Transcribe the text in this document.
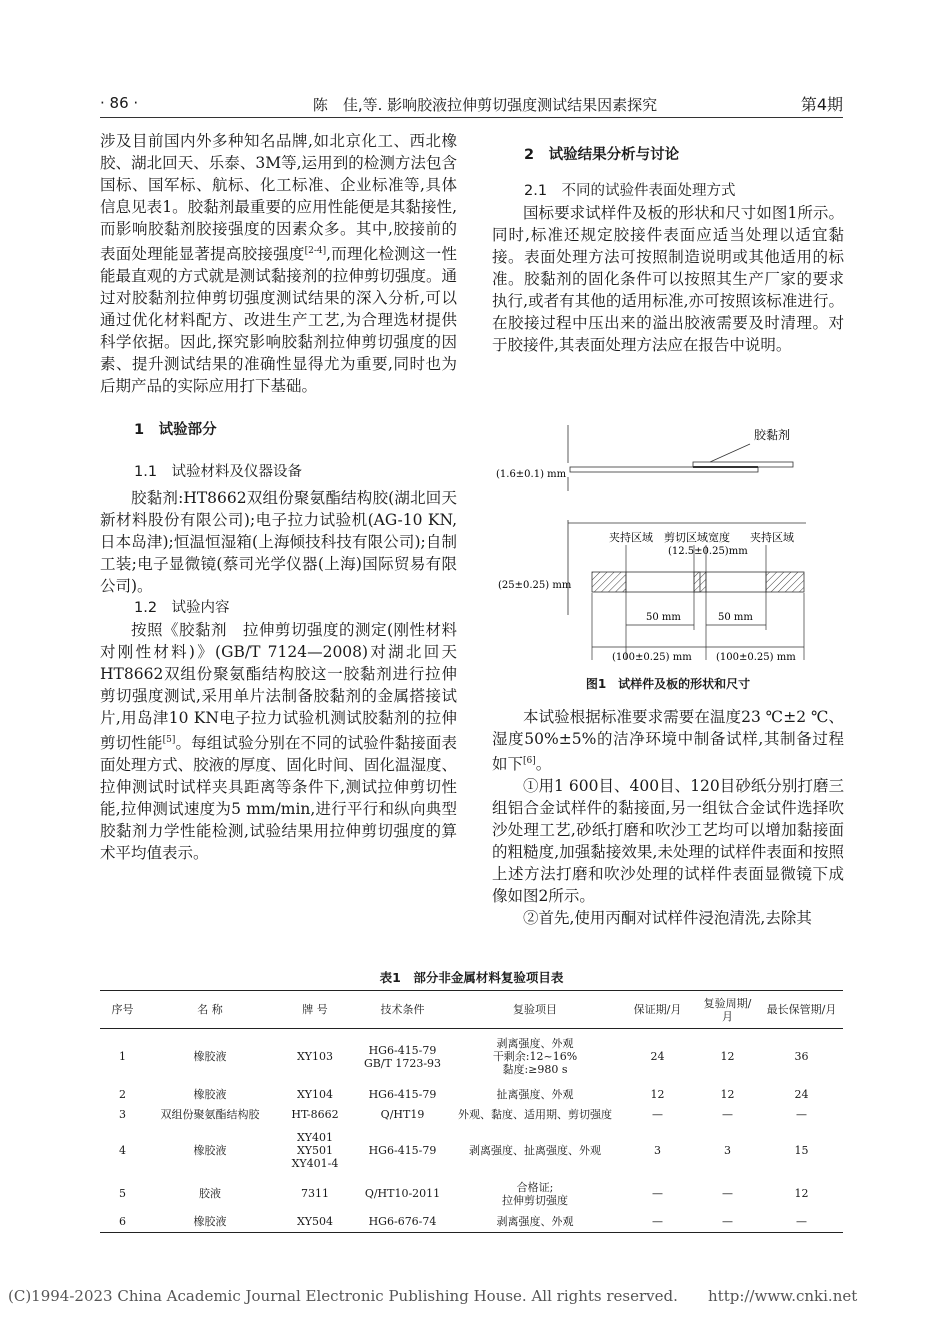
· 86 ·	陈　佳,等. 影响胶液拉伸剪切强度测试结果因素探究	第4期

涉及目前国内外多种知名品牌,如北京化工、西北橡胶、湖北回天、乐泰、3M等,运用到的检测方法包含国标、国军标、航标、化工标准、企业标准等,具体信息见表1。胶黏剂最重要的应用性能便是其黏接性,而影响胶黏剂胶接强度的因素众多。其中,胶接前的表面处理能显著提高胶接强度[2-4],而理化检测这一性能最直观的方式就是测试黏接剂的拉伸剪切强度。通过对胶黏剂拉伸剪切强度测试结果的深入分析,可以通过优化材料配方、改进生产工艺,为合理选材提供科学依据。因此,探究影响胶黏剂拉伸剪切强度的因素、提升测试结果的准确性显得尤为重要,同时也为后期产品的实际应用打下基础。

1　试验部分

1.1　试验材料及仪器设备

胶黏剂:HT8662双组份聚氨酯结构胶(湖北回天新材料股份有限公司);电子拉力试验机(AG-10 KN,日本岛津);恒温恒湿箱(上海倾技科技有限公司);自制工装;电子显微镜(蔡司光学仪器(上海)国际贸易有限公司)。

1.2　试验内容

按照《胶黏剂　拉伸剪切强度的测定(刚性材料对刚性材料)》(GB/T 7124—2008)对湖北回天HT8662双组份聚氨酯结构胶这一胶黏剂进行拉伸剪切强度测试,采用单片法制备胶黏剂的金属搭接试片,用岛津10 KN电子拉力试验机测试胶黏剂的拉伸剪切性能[5]。每组试验分别在不同的试验件黏接面表面处理方式、胶液的厚度、固化时间、固化温湿度、拉伸测试时试样夹具距离等条件下,测试拉伸剪切性能,拉伸测试速度为5 mm/min,进行平行和纵向典型胶黏剂力学性能检测,试验结果用拉伸剪切强度的算术平均值表示。

2　试验结果分析与讨论

2.1　不同的试验件表面处理方式

国标要求试样件及板的形状和尺寸如图1所示。同时,标准还规定胶接件表面应适当处理以适宜黏接。表面处理方法可按照制造说明或其他适用的标准。胶黏剂的固化条件可以按照其生产厂家的要求执行,或者有其他的适用标准,亦可按照该标准进行。在胶接过程中压出来的溢出胶液需要及时清理。对于胶接件,其表面处理方法应在报告中说明。

胶黏剂
(1.6±0.1) mm
夹持区域 剪切区域宽度
(12.5±0.25)mm
夹持区域
(25±0.25) mm
50 mm	50 mm
(100±0.25) mm (100±0.25) mm
图1　试样件及板的形状和尺寸

本试验根据标准要求需要在温度23 ℃±2 ℃、湿度50%±5%的洁净环境中制备试样,其制备过程如下[6]。

①用1 600目、400目、120目砂纸分别打磨三组铝合金试样件的黏接面,另一组钛合金试件选择吹沙处理工艺,砂纸打磨和吹沙工艺均可以增加黏接面的粗糙度,加强黏接效果,未处理的试样件表面和按照上述方法打磨和吹沙处理的试样件表面显微镜下成像如图2所示。

②首先,使用丙酮对试样件浸泡清洗,去除其

表1　部分非金属材料复验项目表
序号	名 称	牌 号	技术条件	复验项目	保证期/月	复验周期/
月	最长保管期/月
1	橡胶液	XY103	HG6-415-79
GB/T 1723-93	剥离强度、外观
干剩余:12~16%
黏度:≥980 s	24	12	36
2	橡胶液	XY104	HG6-415-79	扯离强度、外观	12	12	24
3	双组份聚氨酯结构胶	HT-8662	Q/HT19	外观、黏度、适用期、剪切强度	—	—	—
4	橡胶液	XY401
XY501
XY401-4	HG6-415-79	剥离强度、扯离强度、外观	3	3	15
5	胶液	7311	Q/HT10-2011	合格证;
拉伸剪切强度	—	—	12
6	橡胶液	XY504	HG6-676-74	剥离强度、外观	—	—	—
(C)1994-2023 China Academic Journal Electronic Publishing House. All rights reserved. http://www.cnki.net
